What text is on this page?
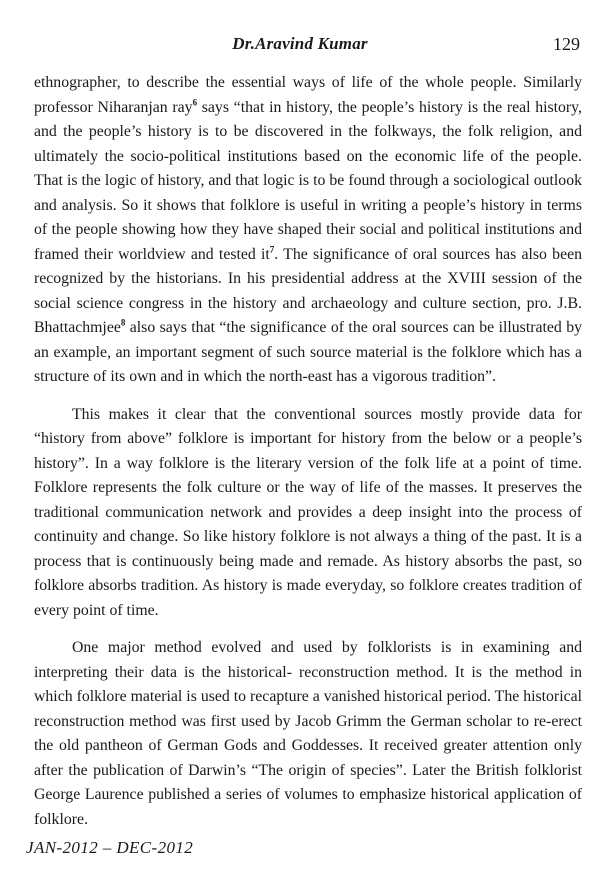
Dr.Aravind Kumar	129

ethnographer, to describe the essential ways of life of the whole people. Similarly professor Niharanjan ray$^6$ says “that in history, the people’s history is the real history, and the people’s history is to be discovered in the folkways, the folk religion, and ultimately the socio-political institutions based on the economic life of the people. That is the logic of history, and that logic is to be found through a sociological outlook and analysis. So it shows that folklore is useful in writing a people’s history in terms of the people showing how they have shaped their social and political institutions and framed their worldview and tested $it^7$. The significance of oral sources has also been recognized by the historians. In his presidential address at the XVIII session of the social science congress in the history and archaeology and culture section, pro. J.B. Bhattachmjee$^8$ also says that “the significance of the oral sources can be illustrated by an example, an important segment of such source material is the folklore which has a structure of its own and in which the north-east has a vigorous tradition”.

This makes it clear that the conventional sources mostly provide data for “history from above” folklore is important for history from the below or a people’s history”. In a way folklore is the literary version of the folk life at a point of time. Folklore represents the folk culture or the way of life of the masses. It preserves the traditional communication network and provides a deep insight into the process of continuity and change. So like history folklore is not always a thing of the past. It is a process that is continuously being made and remade. As history absorbs the past, so folklore absorbs tradition. As history is made everyday, so folklore creates tradition of every point of time.

One major method evolved and used by folklorists is in examining and interpreting their data is the historical- reconstruction method. It is the method in which folklore material is used to recapture a vanished historical period. The historical reconstruction method was first used by Jacob Grimm the German scholar to re-erect the old pantheon of German Gods and Goddesses. It received greater attention only after the publication of Darwin’s “The origin of species”. Later the British folklorist George Laurence published a series of volumes to emphasize historical application of folklore.

JAN-2012 – DEC-2012
